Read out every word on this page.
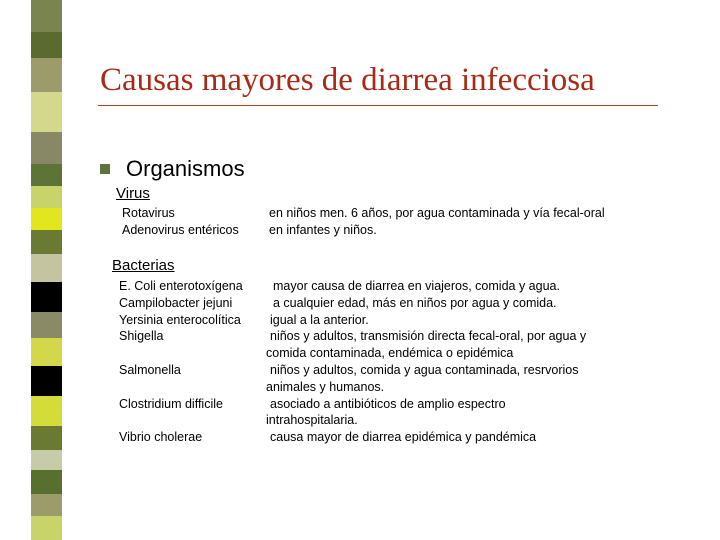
Causas mayores de diarrea infecciosa
Organismos
Virus
Rotavirus
Adenovirus entéricos
en niños men. 6 años, por agua contaminada y vía fecal-oral
en infantes y niños.
Bacterias
E. Coli enterotoxígena
Campilobacter jejuni
Yersinia enterocolítica
Shigella

Salmonella

Clostridium difficile

Vibrio cholerae
mayor causa de diarrea en viajeros, comida y agua.
a cualquier edad, más en niños por agua y comida.
igual a la anterior.
niños y adultos, transmisión directa fecal-oral, por agua y
comida contaminada, endémica o epidémica
niños y adultos, comida y agua contaminada, resrvorios
animales y humanos.
asociado a antibióticos de amplio espectro
intrahospitalaria.
causa mayor de diarrea epidémica y pandémica
